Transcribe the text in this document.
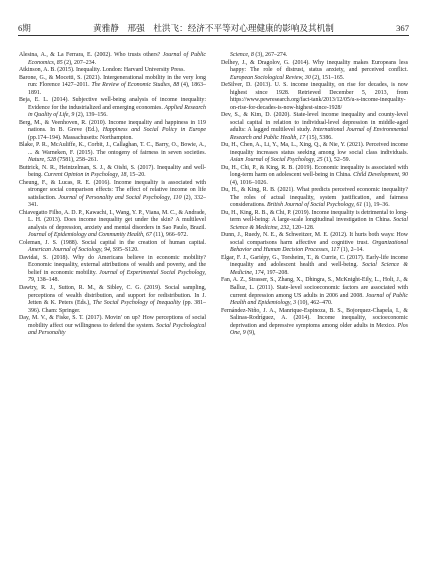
6期	黄雅静　邢强　杜洪飞：经济不平等对心理健康的影响及其机制	367

Alesina, A., & La Ferrara, E. (2002). Who trusts others? Journal of Public Economics, 85 (2), 207–234.

Atkinson, A. B. (2015). Inequality. London: Harvard University Press.

Barone, G., & Mocetti, S. (2021). Intergenerational mobility in the very long run: Florence 1427–2011. The Review of Economic Studies, 88 (4), 1863–1891.

Beja, E. L. (2014). Subjective well-being analysis of income inequality: Evidence for the industrialized and emerging economies. Applied Research in Quality of Life, 9 (2), 139–156.

Berg, M., & Veenhoven, R. (2010). Income inequality and happiness in 119 nations. In B. Greve (Ed.), Happiness and Social Policy in Europe (pp.174–194). Massachusetts: Northampton.

Blake, P. R., McAuliffe, K., Corbit, J., Callaghan, T. C., Barry, O., Bowie, A., ... & Warneken, F. (2015). The ontogeny of fairness in seven societies. Nature, 528 (7581), 258–261.

Buttrick, N. R., Heintzelman, S. J., & Oishi, S. (2017). Inequality and well-being. Current Opinion in Psychology, 18, 15–20.

Cheung, F., & Lucas, R. E. (2016). Income inequality is associated with stronger social comparison effects: The effect of relative income on life satisfaction. Journal of Personality and Social Psychology, 110 (2), 332–341.

Chiavegatto Filho, A. D. P., Kawachi, I., Wang, Y. P., Viana, M. C., & Andrade, L. H. (2013). Does income inequality get under the skin? A multilevel analysis of depression, anxiety and mental disorders in Sao Paulo, Brazil. Journal of Epidemiology and Community Health, 67 (11), 966–972.

Coleman, J. S. (1988). Social capital in the creation of human capital. American Journal of Sociology, 94, S95–S120.

Davidai, S. (2018). Why do Americans believe in economic mobility? Economic inequality, external attributions of wealth and poverty, and the belief in economic mobility. Journal of Experimental Social Psychology, 79, 138–148.

Dawtry, R. J., Sutton, R. M., & Sibley, C. G. (2019). Social sampling, perceptions of wealth distribution, and support for redistribution. In J. Jetten & K. Peters (Eds.), The Social Psychology of Inequality (pp. 381–396). Cham: Springer.

Day, M. V., & Fiske, S. T. (2017). Movin' on up? How perceptions of social mobility affect our willingness to defend the system. Social Psychological and Personality

Science, 8 (3), 267–274.

Delhey, J., & Dragolov, G. (2014). Why inequality makes Europeans less happy: The role of distrust, status anxiety, and perceived conflict. European Sociological Review, 30 (2), 151–165.

DeSilver, D. (2013). U. S. income inequality, on rise for decades, is now highest since 1928. Retrieved December 5, 2013, from https://www.pewresearch.org/fact-tank/2013/12/05/u-s-income-inequality-on-rise-for-decades-is-now-highest-since-1928/

Dev, S., & Kim, D. (2020). State-level income inequality and county-level social capital in relation to individual-level depression in middle-aged adults: A lagged multilevel study. International Journal of Environmental Research and Public Health, 17 (15), 5386.

Du, H., Chen, A., Li, Y., Ma, L., Xing, Q., & Nie, Y. (2021). Perceived income inequality increases status seeking among low social class individuals. Asian Journal of Social Psychology, 25 (1), 52–59.

Du, H., Chi, P., & King, R. B. (2019). Economic inequality is associated with long-term harm on adolescent well-being in China. Child Development, 90 (4), 1016–1026.

Du, H., & King, R. B. (2021). What predicts perceived economic inequality? The roles of actual inequality, system justification, and fairness considerations. British Journal of Social Psychology, 61 (1), 19–36.

Du, H., King, R. B., & Chi, P. (2019). Income inequality is detrimental to long-term well-being: A large-scale longitudinal investigation in China. Social Science & Medicine, 232, 120–128.

Dunn, J., Ruedy, N. E., & Schweitzer, M. E. (2012). It hurts both ways: How social comparisons harm affective and cognitive trust. Organizational Behavior and Human Decision Processes, 117 (1), 2–14.

Elgar, F. J., Gariépy, G., Torsheim, T., & Currie, C. (2017). Early-life income inequality and adolescent health and well-being. Social Science & Medicine, 174, 197–208.

Fan, A. Z., Strasser, S., Zhang, X., Dhingra, S., McKnight-Eily, L., Holt, J., & Balluz, L. (2011). State-level socioeconomic factors are associated with current depression among US adults in 2006 and 2008. Journal of Public Health and Epidemiology, 3 (10), 462–470.

Fernández-Niño, J. A., Manrique-Espinoza, B. S., Bojorquez-Chapela, I., & Salinas-Rodríguez, A. (2014). Income inequality, socioeconomic deprivation and depressive symptoms among older adults in Mexico. Plos One, 9 (9),
